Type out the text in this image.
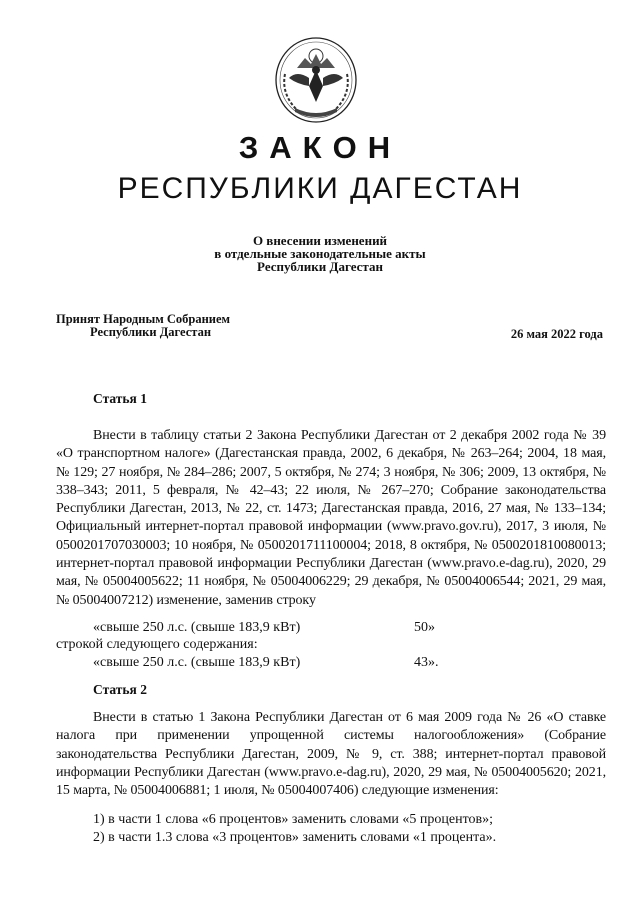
ЗАКОН
РЕСПУБЛИКИ ДАГЕСТАН
О внесении изменений
в отдельные законодательные акты
Республики Дагестан
Принят Народным Собранием
Республики Дагестан	26 мая 2022 года
Статья 1

Внести в таблицу статьи 2 Закона Республики Дагестан от 2 декабря 2002 года № 39 «О транспортном налоге» (Дагестанская правда, 2002, 6 декабря, № 263–264; 2004, 18 мая, № 129; 27 ноября, № 284–286; 2007, 5 октября, № 274; 3 ноября, № 306; 2009, 13 октября, № 338–343; 2011, 5 февраля, № 42–43; 22 июля, № 267–270; Собрание законодательства Республики Дагестан, 2013, № 22, ст. 1473; Дагестанская правда, 2016, 27 мая, № 133–134; Официальный интернет-портал правовой информации (www.pravo.gov.ru), 2017, 3 июля, № 0500201707030003; 10 ноября, № 0500201711100004; 2018, 8 октября, № 0500201810080013; интернет-портал правовой информации Республики Дагестан (www.pravo.e-dag.ru), 2020, 29 мая, № 05004005622; 11 ноября, № 05004006229; 29 декабря, № 05004006544; 2021, 29 мая, № 05004007212) изменение, заменив строку

«свыше 250 л.с. (свыше 183,9 кВт)	50»
строкой следующего содержания:
«свыше 250 л.с. (свыше 183,9 кВт)	43».
Статья 2

Внести в статью 1 Закона Республики Дагестан от 6 мая 2009 года № 26 «О ставке налога при применении упрощенной системы налогообложения» (Собрание законодательства Республики Дагестан, 2009, № 9, ст. 388; интернет-портал правовой информации Республики Дагестан (www.pravo.e-dag.ru), 2020, 29 мая, № 05004005620; 2021, 15 марта, № 05004006881; 1 июля, № 05004007406) следующие изменения:

1) в части 1 слова «6 процентов» заменить словами «5 процентов»;
2) в части 1.3 слова «3 процентов» заменить словами «1 процента».
